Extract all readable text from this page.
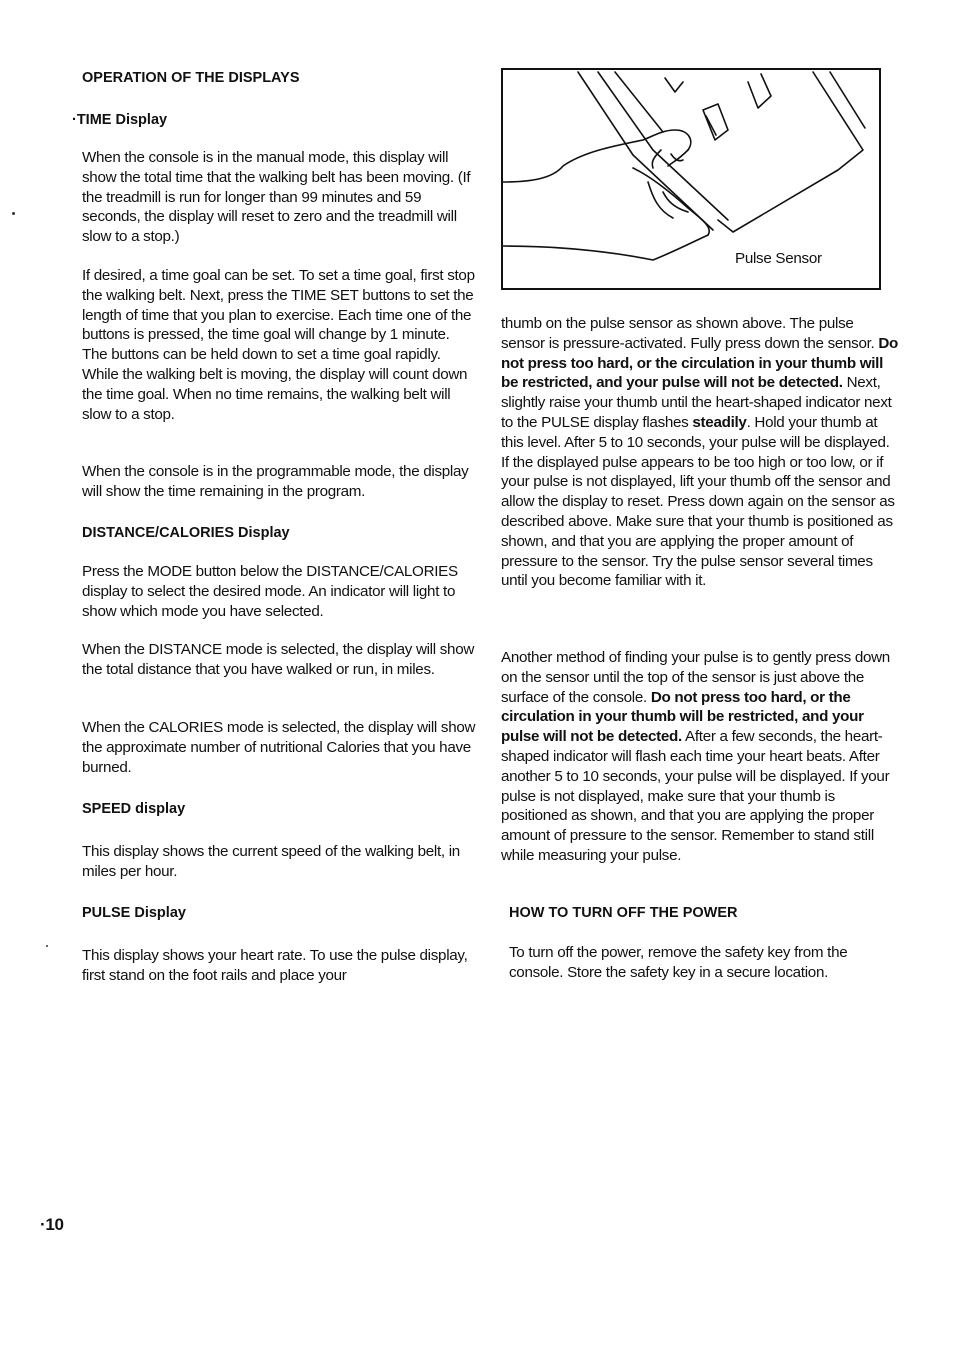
OPERATION OF THE DISPLAYS
·TIME Display
When the console is in the manual mode, this display will show the total time that the walking belt has been moving. (If the treadmill is run for longer than 99 minutes and 59 seconds, the display will reset to zero and the treadmill will slow to a stop.)
If desired, a time goal can be set. To set a time goal, first stop the walking belt. Next, press the TIME SET buttons to set the length of time that you plan to exercise. Each time one of the buttons is pressed, the time goal will change by 1 minute. The buttons can be held down to set a time goal rapidly. While the walking belt is moving, the display will count down the time goal. When no time remains, the walking belt will slow to a stop.
When the console is in the programmable mode, the display will show the time remaining in the program.
DISTANCE/CALORIES Display
Press the MODE button below the DISTANCE/CALORIES display to select the desired mode. An indicator will light to show which mode you have selected.
When the DISTANCE mode is selected, the display will show the total distance that you have walked or run, in miles.
When the CALORIES mode is selected, the display will show the approximate number of nutritional Calories that you have burned.
SPEED display
This display shows the current speed of the walking belt, in miles per hour.
PULSE Display
This display shows your heart rate. To use the pulse display, first stand on the foot rails and place your
Pulse Sensor
thumb on the pulse sensor as shown above. The pulse sensor is pressure-activated. Fully press down the sensor. Do not press too hard, or the circulation in your thumb will be restricted, and your pulse will not be detected. Next, slightly raise your thumb until the heart-shaped indicator next to the PULSE display flashes steadily. Hold your thumb at this level. After 5 to 10 seconds, your pulse will be displayed. If the displayed pulse appears to be too high or too low, or if your pulse is not displayed, lift your thumb off the sensor and allow the display to reset. Press down again on the sensor as described above. Make sure that your thumb is positioned as shown, and that you are applying the proper amount of pressure to the sensor. Try the pulse sensor several times until you become familiar with it.
Another method of finding your pulse is to gently press down on the sensor until the top of the sensor is just above the surface of the console. Do not press too hard, or the circulation in your thumb will be restricted, and your pulse will not be detected. After a few seconds, the heart-shaped indicator will flash each time your heart beats. After another 5 to 10 seconds, your pulse will be displayed. If your pulse is not displayed, make sure that your thumb is positioned as shown, and that you are applying the proper amount of pressure to the sensor. Remember to stand still while measuring your pulse.
HOW TO TURN OFF THE POWER
To turn off the power, remove the safety key from the console. Store the safety key in a secure location.
·10
